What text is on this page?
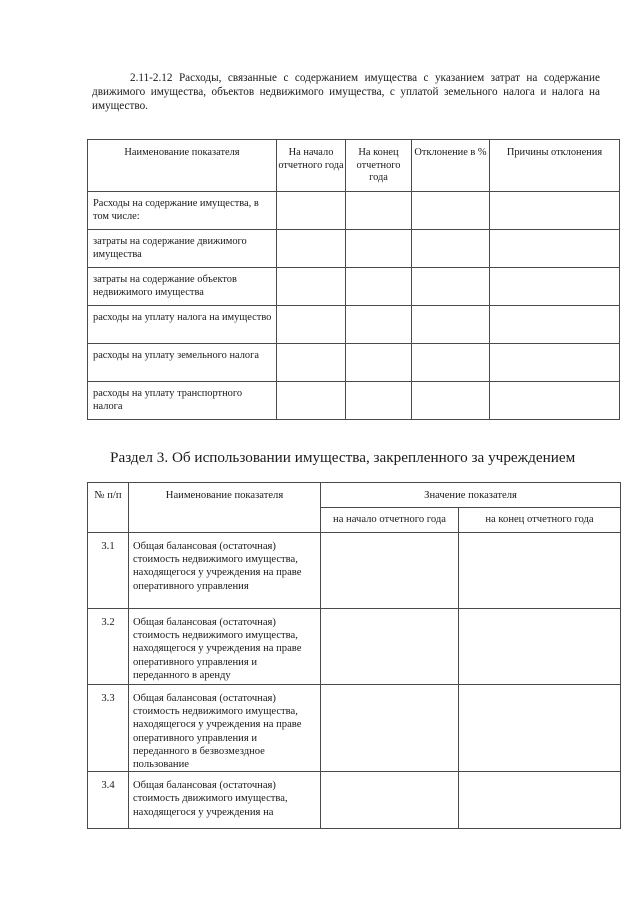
2.11-2.12 Расходы, связанные с содержанием имущества с указанием затрат на содержание движимого имущества, объектов недвижимого имущества, с уплатой земельного налога и налога на имущество.
Наименование показателя	На начало отчетного года	На конец отчетного года	Отклонение в %	Причины отклонения
Расходы на содержание имущества, в том числе:				
затраты на содержание движимого имущества				
затраты на содержание объектов недвижимого имущества				
расходы на уплату налога на имущество				
расходы на уплату земельного налога				
расходы на уплату транспортного налога				
Раздел 3. Об использовании имущества, закрепленного за учреждением
№ п/п	Наименование показателя	Значение показателя	
		на начало отчетного года	на конец отчетного года
3.1	Общая балансовая (остаточная) стоимость недвижимого имущества, находящегося у учреждения на праве оперативного управления		
3.2	Общая балансовая (остаточная) стоимость недвижимого имущества, находящегося у учреждения на праве оперативного управления и переданного в аренду		
3.3	Общая балансовая (остаточная) стоимость недвижимого имущества, находящегося у учреждения на праве оперативного управления и переданного в безвозмездное пользование		
3.4	Общая балансовая (остаточная) стоимость движимого имущества, находящегося у учреждения на		
